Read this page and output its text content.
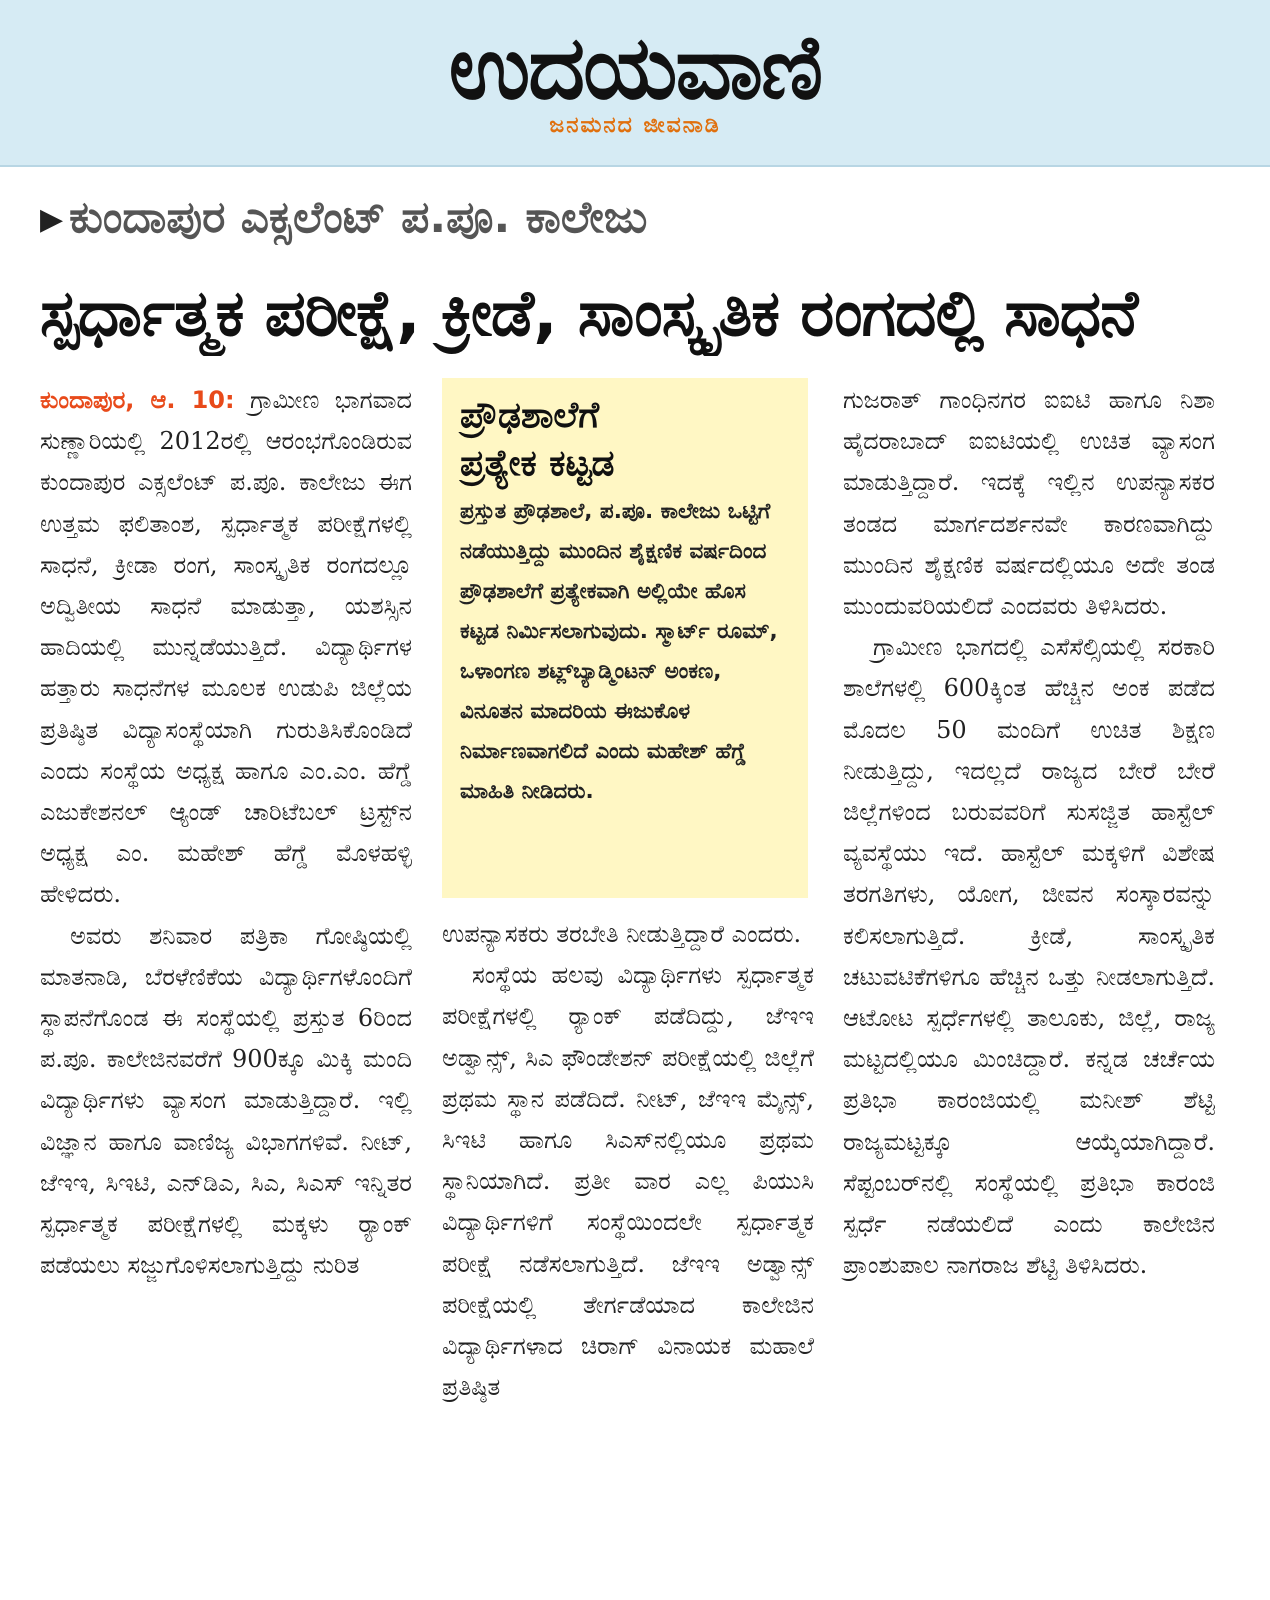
ಉದಯವಾಣಿ
ಜನಮನದ ಜೀವನಾಡಿ
▶ ಕುಂದಾಪುರ ಎಕ್ಸಲೆಂಟ್ ಪ.ಪೂ. ಕಾಲೇಜು
ಸ್ಪರ್ಧಾತ್ಮಕ ಪರೀಕ್ಷೆ, ಕ್ರೀಡೆ, ಸಾಂಸ್ಕೃತಿಕ ರಂಗದಲ್ಲಿ ಸಾಧನೆ

ಕುಂದಾಪುರ, ಆ. 10: ಗ್ರಾಮೀಣ ಭಾಗವಾದ ಸುಣ್ಣಾರಿಯಲ್ಲಿ 2012ರಲ್ಲಿ ಆರಂಭಗೊಂಡಿರುವ ಕುಂದಾಪುರ ಎಕ್ಸಲೆಂಟ್ ಪ.ಪೂ. ಕಾಲೇಜು ಈಗ ಉತ್ತಮ ಫಲಿತಾಂಶ, ಸ್ಪರ್ಧಾತ್ಮಕ ಪರೀಕ್ಷೆಗಳಲ್ಲಿ ಸಾಧನೆ, ಕ್ರೀಡಾ ರಂಗ, ಸಾಂಸ್ಕೃತಿಕ ರಂಗದಲ್ಲೂ ಅದ್ವಿತೀಯ ಸಾಧನೆ ಮಾಡುತ್ತಾ, ಯಶಸ್ಸಿನ ಹಾದಿಯಲ್ಲಿ ಮುನ್ನಡೆಯುತ್ತಿದೆ. ವಿದ್ಯಾರ್ಥಿಗಳ ಹತ್ತಾರು ಸಾಧನೆಗಳ ಮೂಲಕ ಉಡುಪಿ ಜಿಲ್ಲೆಯ ಪ್ರತಿಷ್ಠಿತ ವಿದ್ಯಾಸಂಸ್ಥೆಯಾಗಿ ಗುರುತಿಸಿಕೊಂಡಿದೆ ಎಂದು ಸಂಸ್ಥೆಯ ಅಧ್ಯಕ್ಷ ಹಾಗೂ ಎಂ.ಎಂ. ಹೆಗ್ಡೆ ಎಜುಕೇಶನಲ್ ಆ್ಯಂಡ್ ಚಾರಿಟೆಬಲ್ ಟ್ರಸ್ಟ್‌ನ ಅಧ್ಯಕ್ಷ ಎಂ. ಮಹೇಶ್ ಹೆಗ್ಡೆ ಮೊಳಹಳ್ಳಿ ಹೇಳಿದರು.

ಅವರು ಶನಿವಾರ ಪತ್ರಿಕಾ ಗೋಷ್ಠಿಯಲ್ಲಿ ಮಾತನಾಡಿ, ಬೆರಳೆಣಿಕೆಯ ವಿದ್ಯಾರ್ಥಿಗಳೊಂದಿಗೆ ಸ್ಥಾಪನೆಗೊಂಡ ಈ ಸಂಸ್ಥೆಯಲ್ಲಿ ಪ್ರಸ್ತುತ 6ರಿಂದ ಪ.ಪೂ. ಕಾಲೇಜಿನವರೆಗೆ 900ಕ್ಕೂ ಮಿಕ್ಕಿ ಮಂದಿ ವಿದ್ಯಾರ್ಥಿಗಳು ವ್ಯಾಸಂಗ ಮಾಡುತ್ತಿದ್ದಾರೆ. ಇಲ್ಲಿ ವಿಜ್ಞಾನ ಹಾಗೂ ವಾಣಿಜ್ಯ ವಿಭಾಗಗಳಿವೆ. ನೀಟ್, ಜೆಇಇ, ಸಿಇಟಿ, ಎನ್‌ಡಿಎ, ಸಿಎ, ಸಿಎಸ್ ಇನ್ನಿತರ ಸ್ಪರ್ಧಾತ್ಮಕ ಪರೀಕ್ಷೆಗಳಲ್ಲಿ ಮಕ್ಕಳು ರ್‍ಯಾಂಕ್ ಪಡೆಯಲು ಸಜ್ಜುಗೊಳಿಸಲಾಗುತ್ತಿದ್ದು ನುರಿತ

ಪ್ರೌಢಶಾಲೆಗೆ
ಪ್ರತ್ಯೇಕ ಕಟ್ಟಡ
ಪ್ರಸ್ತುತ ಪ್ರೌಢಶಾಲೆ, ಪ.ಪೂ. ಕಾಲೇಜು ಒಟ್ಟಿಗೆ ನಡೆಯುತ್ತಿದ್ದು ಮುಂದಿನ ಶೈಕ್ಷಣಿಕ ವರ್ಷದಿಂದ ಪ್ರೌಢಶಾಲೆಗೆ ಪ್ರತ್ಯೇಕವಾಗಿ ಅಲ್ಲಿಯೇ ಹೊಸ ಕಟ್ಟಡ ನಿರ್ಮಿಸಲಾಗುವುದು. ಸ್ಮಾರ್ಟ್ ರೂಮ್, ಒಳಾಂಗಣ ಶಟ್ಲ್‌ಬ್ಯಾಡ್ಮಿಂಟನ್ ಅಂಕಣ, ವಿನೂತನ ಮಾದರಿಯ ಈಜುಕೊಳ ನಿರ್ಮಾಣವಾಗಲಿದೆ ಎಂದು ಮಹೇಶ್ ಹೆಗ್ಡೆ ಮಾಹಿತಿ ನೀಡಿದರು.

ಉಪನ್ಯಾಸಕರು ತರಬೇತಿ ನೀಡುತ್ತಿದ್ದಾರೆ ಎಂದರು.

ಸಂಸ್ಥೆಯ ಹಲವು ವಿದ್ಯಾರ್ಥಿಗಳು ಸ್ಪರ್ಧಾತ್ಮಕ ಪರೀಕ್ಷೆಗಳಲ್ಲಿ ರ್‍ಯಾಂಕ್ ಪಡೆದಿದ್ದು, ಜೆಇಇ ಅಡ್ವಾನ್ಸ್, ಸಿಎ ಫೌಂಡೇಶನ್ ಪರೀಕ್ಷೆಯಲ್ಲಿ ಜಿಲ್ಲೆಗೆ ಪ್ರಥಮ ಸ್ಥಾನ ಪಡೆದಿದೆ. ನೀಟ್, ಜೆಇಇ ಮೈನ್ಸ್, ಸಿಇಟಿ ಹಾಗೂ ಸಿಎಸ್‌ನಲ್ಲಿಯೂ ಪ್ರಥಮ ಸ್ಥಾನಿಯಾಗಿದೆ. ಪ್ರತೀ ವಾರ ಎಲ್ಲ ಪಿಯುಸಿ ವಿದ್ಯಾರ್ಥಿಗಳಿಗೆ ಸಂಸ್ಥೆಯಿಂದಲೇ ಸ್ಪರ್ಧಾತ್ಮಕ ಪರೀಕ್ಷೆ ನಡೆಸಲಾಗುತ್ತಿದೆ. ಜೆಇಇ ಅಡ್ವಾನ್ಸ್ ಪರೀಕ್ಷೆಯಲ್ಲಿ ತೇರ್ಗಡೆಯಾದ ಕಾಲೇಜಿನ ವಿದ್ಯಾರ್ಥಿಗಳಾದ ಚಿರಾಗ್ ವಿನಾಯಕ ಮಹಾಲೆ ಪ್ರತಿಷ್ಠಿತ

ಗುಜರಾತ್ ಗಾಂಧಿನಗರ ಐಐಟಿ ಹಾಗೂ ನಿಶಾ ಹೈದರಾಬಾದ್ ಐಐಟಿಯಲ್ಲಿ ಉಚಿತ ವ್ಯಾಸಂಗ ಮಾಡುತ್ತಿದ್ದಾರೆ. ಇದಕ್ಕೆ ಇಲ್ಲಿನ ಉಪನ್ಯಾಸಕರ ತಂಡದ ಮಾರ್ಗದರ್ಶನವೇ ಕಾರಣವಾಗಿದ್ದು ಮುಂದಿನ ಶೈಕ್ಷಣಿಕ ವರ್ಷದಲ್ಲಿಯೂ ಅದೇ ತಂಡ ಮುಂದುವರಿಯಲಿದೆ ಎಂದವರು ತಿಳಿಸಿದರು.

ಗ್ರಾಮೀಣ ಭಾಗದಲ್ಲಿ ಎಸೆಸೆಲ್ಸಿಯಲ್ಲಿ ಸರಕಾರಿ ಶಾಲೆಗಳಲ್ಲಿ 600ಕ್ಕಿಂತ ಹೆಚ್ಚಿನ ಅಂಕ ಪಡೆದ ಮೊದಲ 50 ಮಂದಿಗೆ ಉಚಿತ ಶಿಕ್ಷಣ ನೀಡುತ್ತಿದ್ದು, ಇದಲ್ಲದೆ ರಾಜ್ಯದ ಬೇರೆ ಬೇರೆ ಜಿಲ್ಲೆಗಳಿಂದ ಬರುವವರಿಗೆ ಸುಸಜ್ಜಿತ ಹಾಸ್ಟೆಲ್ ವ್ಯವಸ್ಥೆಯು ಇದೆ. ಹಾಸ್ಟೆಲ್ ಮಕ್ಕಳಿಗೆ ವಿಶೇಷ ತರಗತಿಗಳು, ಯೋಗ, ಜೀವನ ಸಂಸ್ಕಾರವನ್ನು ಕಲಿಸಲಾಗುತ್ತಿದೆ. ಕ್ರೀಡೆ, ಸಾಂಸ್ಕೃತಿಕ ಚಟುವಟಿಕೆಗಳಿಗೂ ಹೆಚ್ಚಿನ ಒತ್ತು ನೀಡಲಾಗುತ್ತಿದೆ. ಆಟೋಟ ಸ್ಪರ್ಧೆಗಳಲ್ಲಿ ತಾಲೂಕು, ಜಿಲ್ಲೆ, ರಾಜ್ಯ ಮಟ್ಟದಲ್ಲಿಯೂ ಮಿಂಚಿದ್ದಾರೆ. ಕನ್ನಡ ಚರ್ಚೆಯ ಪ್ರತಿಭಾ ಕಾರಂಜಿಯಲ್ಲಿ ಮನೀಶ್ ಶೆಟ್ಟಿ ರಾಜ್ಯಮಟ್ಟಕ್ಕೂ ಆಯ್ಕೆಯಾಗಿದ್ದಾರೆ. ಸೆಪ್ಟಂಬರ್‌ನಲ್ಲಿ ಸಂಸ್ಥೆಯಲ್ಲಿ ಪ್ರತಿಭಾ ಕಾರಂಜಿ ಸ್ಪರ್ಧೆ ನಡೆಯಲಿದೆ ಎಂದು ಕಾಲೇಜಿನ ಪ್ರಾಂಶುಪಾಲ ನಾಗರಾಜ ಶೆಟ್ಟಿ ತಿಳಿಸಿದರು.
